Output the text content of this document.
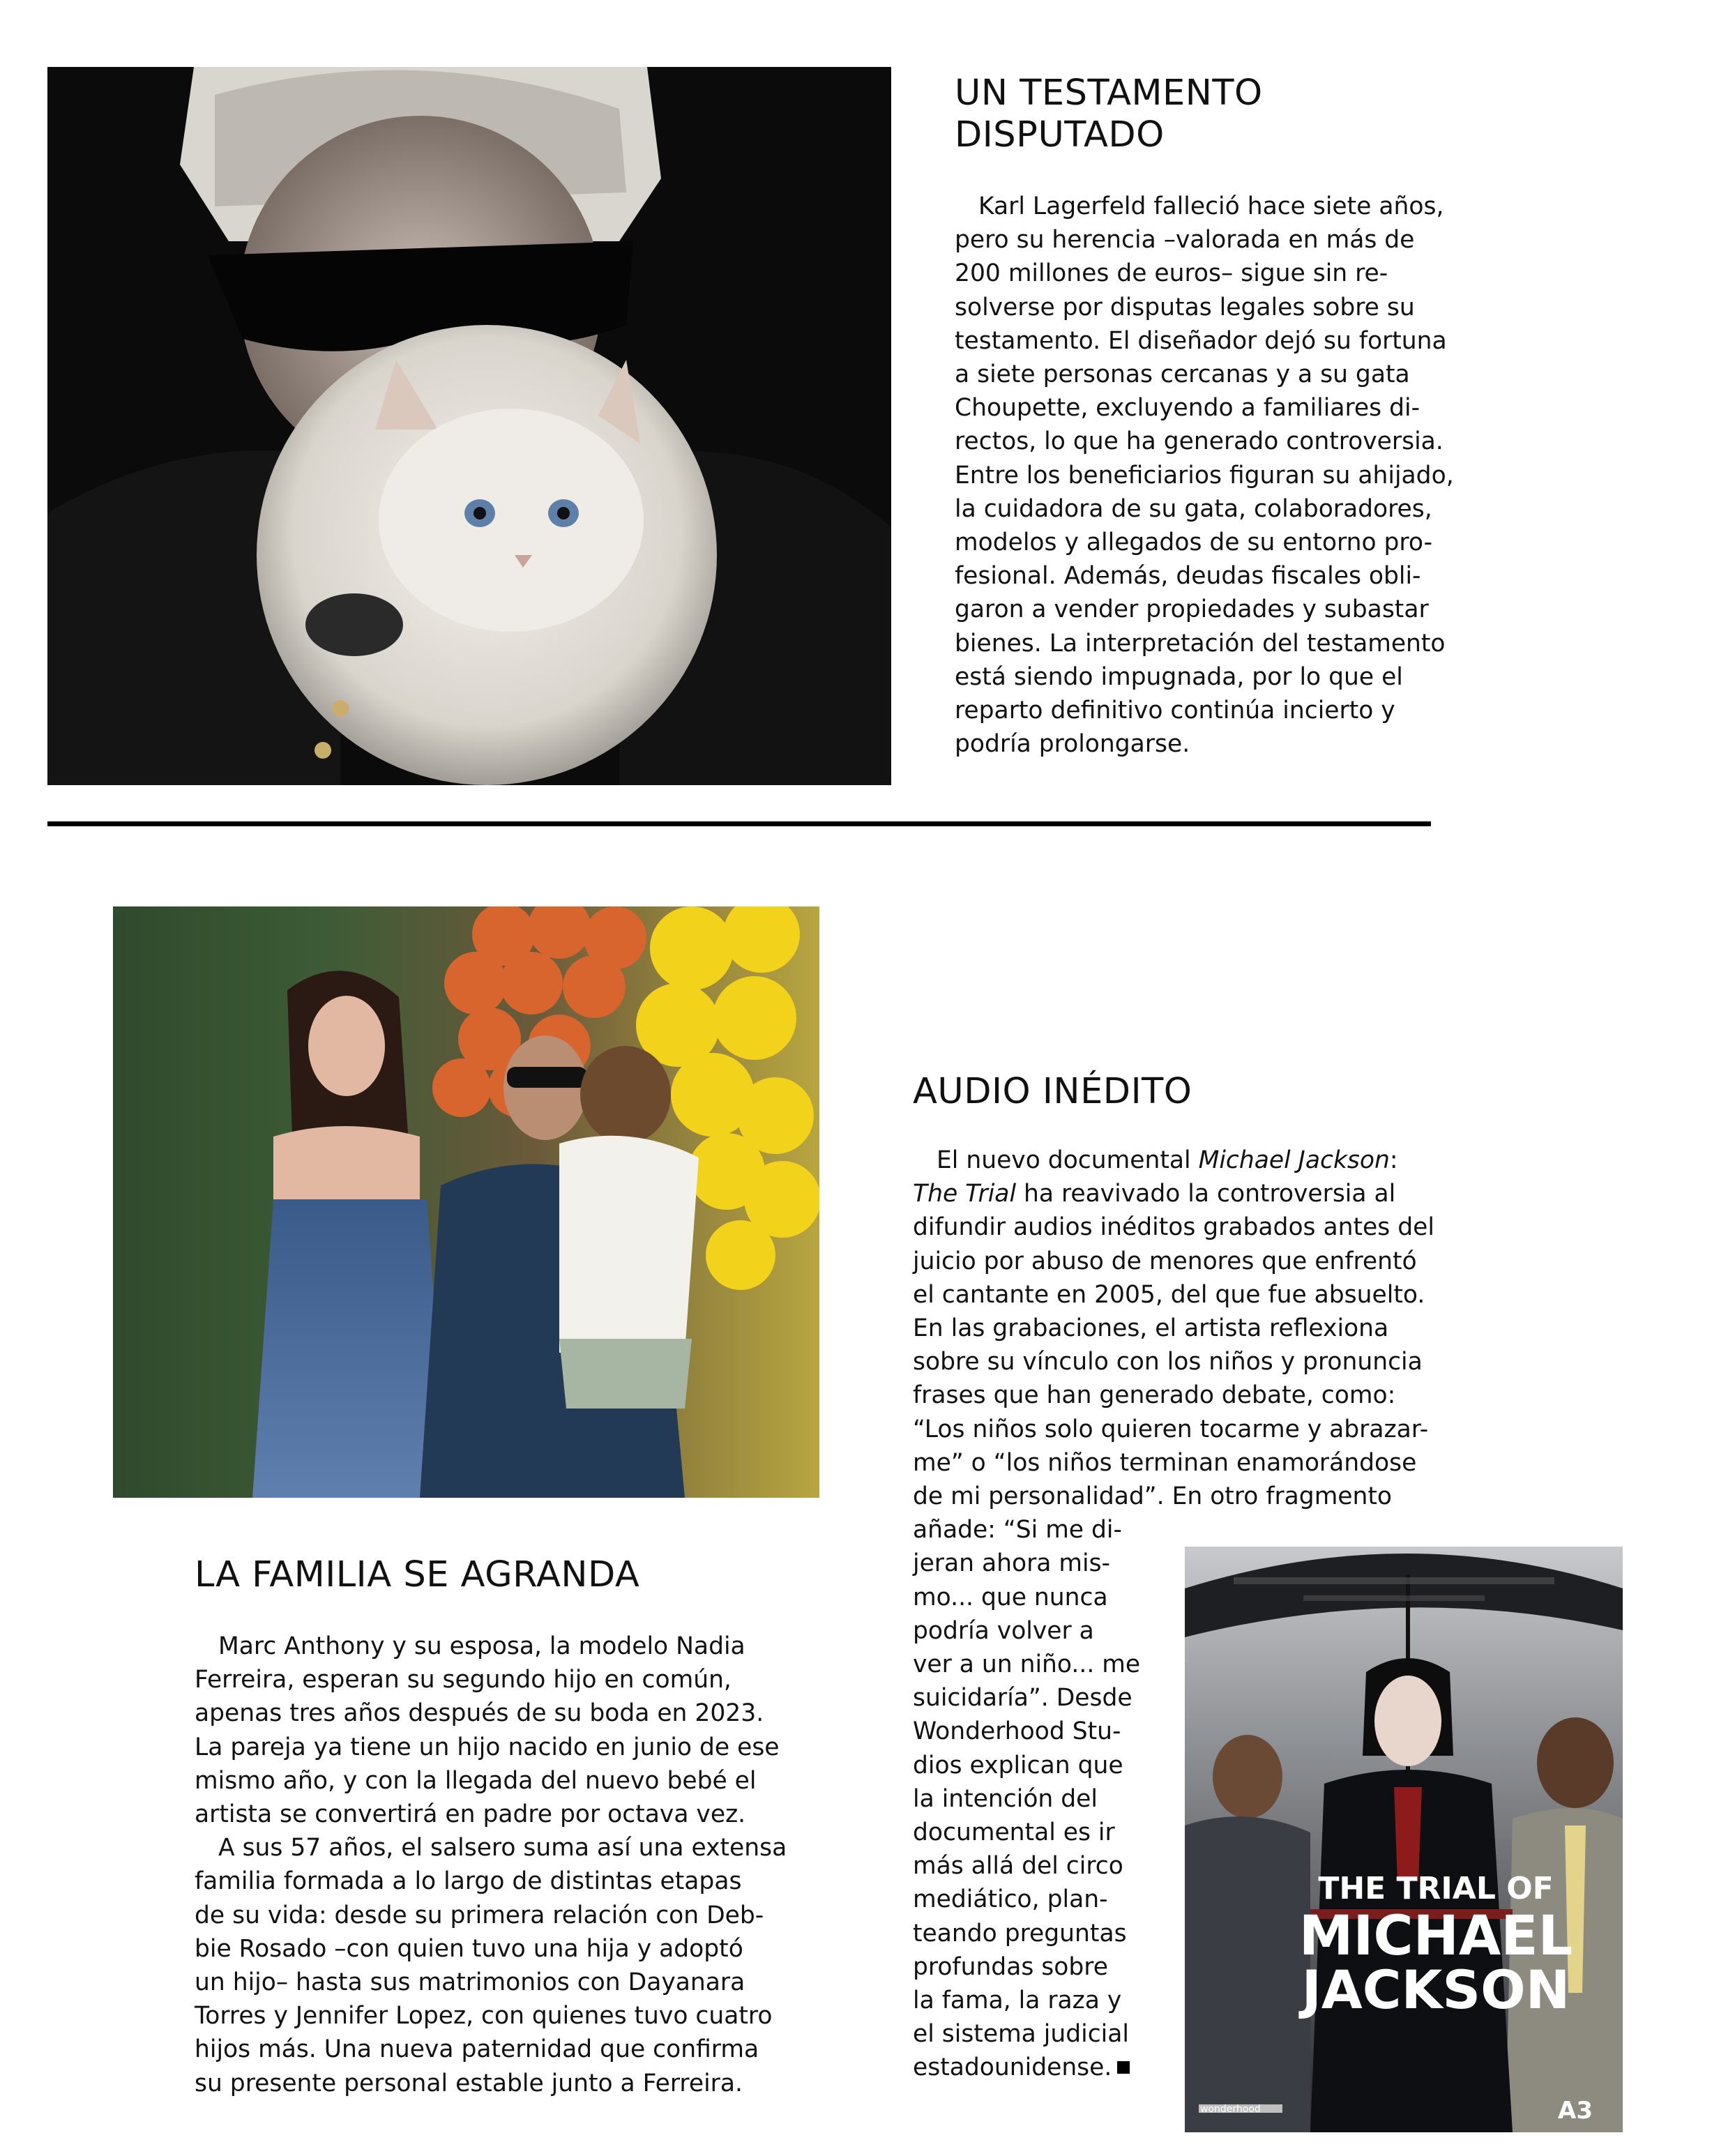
UN TESTAMENTO
DISPUTADO
Karl Lagerfeld falleció hace siete años,
pero su herencia –valorada en más de
200 millones de euros– sigue sin re-
solverse por disputas legales sobre su
testamento. El diseñador dejó su fortuna
a siete personas cercanas y a su gata
Choupette, excluyendo a familiares di-
rectos, lo que ha generado controversia.
Entre los beneficiarios figuran su ahijado,
la cuidadora de su gata, colaboradores,
modelos y allegados de su entorno pro-
fesional. Además, deudas fiscales obli-
garon a vender propiedades y subastar
bienes. La interpretación del testamento
está siendo impugnada, por lo que el
reparto definitivo continúa incierto y
podría prolongarse.
LA FAMILIA SE AGRANDA
Marc Anthony y su esposa, la modelo Nadia
Ferreira, esperan su segundo hijo en común,
apenas tres años después de su boda en 2023.
La pareja ya tiene un hijo nacido en junio de ese
mismo año, y con la llegada del nuevo bebé el
artista se convertirá en padre por octava vez.
A sus 57 años, el salsero suma así una extensa
familia formada a lo largo de distintas etapas
de su vida: desde su primera relación con Deb-
bie Rosado –con quien tuvo una hija y adoptó
un hijo– hasta sus matrimonios con Dayanara
Torres y Jennifer Lopez, con quienes tuvo cuatro
hijos más. Una nueva paternidad que confirma
su presente personal estable junto a Ferreira.
AUDIO INÉDITO
El nuevo documental Michael Jackson:
The Trial ha reavivado la controversia al
difundir audios inéditos grabados antes del
juicio por abuso de menores que enfrentó
el cantante en 2005, del que fue absuelto.
En las grabaciones, el artista reflexiona
sobre su vínculo con los niños y pronuncia
frases que han generado debate, como:
“Los niños solo quieren tocarme y abrazar-
me” o “los niños terminan enamorándose
de mi personalidad”. En otro fragmento
añade: “Si me di-
jeran ahora mis-
mo... que nunca
podría volver a
ver a un niño... me
suicidaría”. Desde
Wonderhood Stu-
dios explican que
la intención del
documental es ir
más allá del circo
mediático, plan-
teando preguntas
profundas sobre
la fama, la raza y
el sistema judicial
estadounidense.
A3
wonderhood
THE TRIAL OF
MICHAEL
JACKSON
